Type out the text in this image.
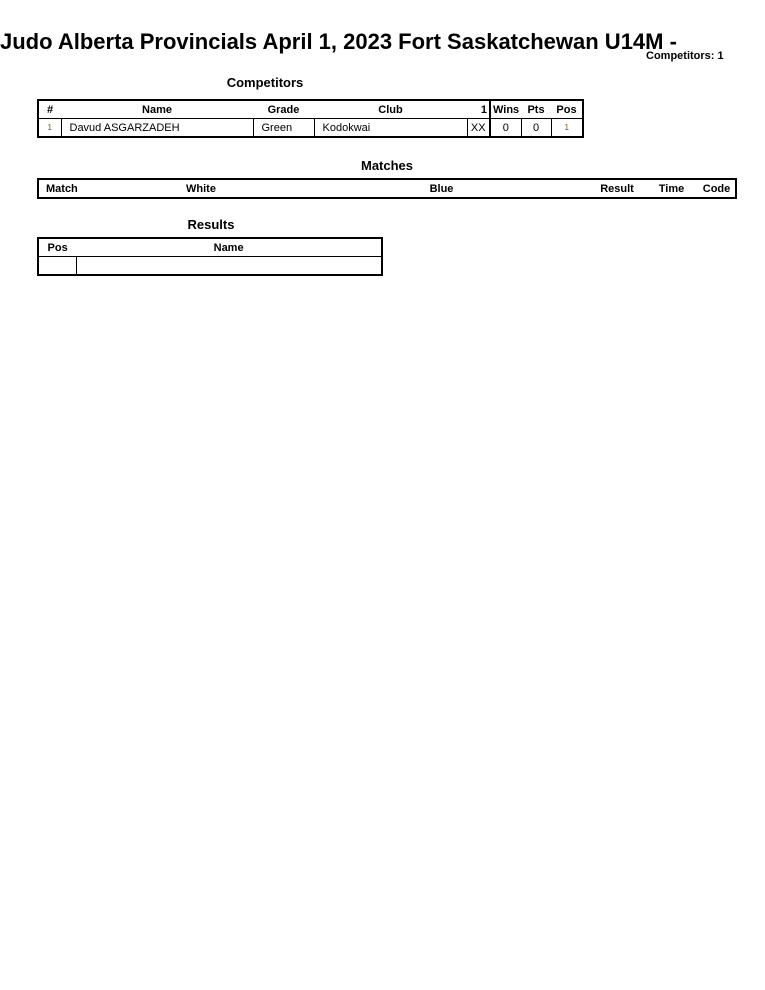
Judo Alberta Provincials April 1, 2023 Fort Saskatchewan U14M -
Competitors: 1
Competitors
#	Name	Grade	Club	1	Wins	Pts	Pos
1	Davud ASGARZADEH	Green	Kodokwai	XX	0	0	1
Matches
Match	White	Blue	Result	Time	Code
Results
Pos	Name
